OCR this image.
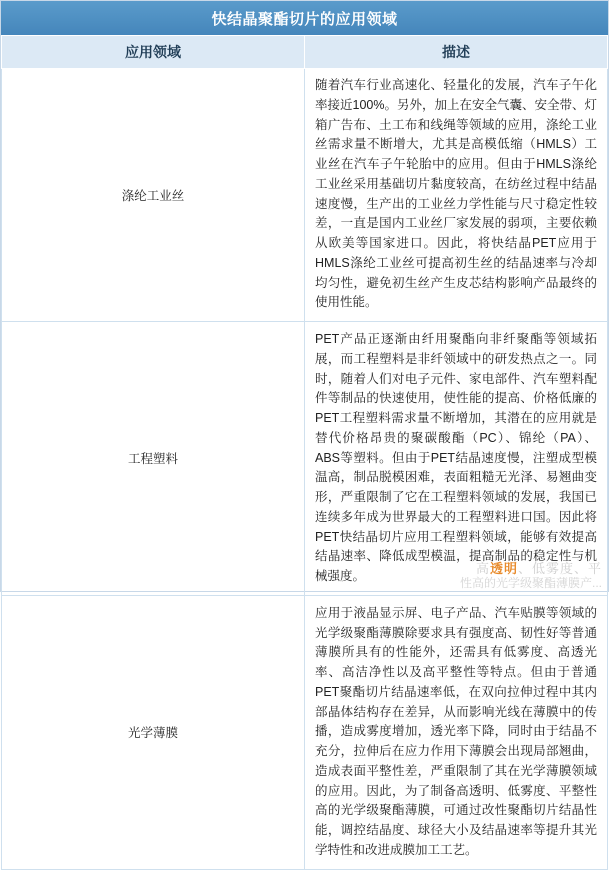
快结晶聚酯切片的应用领域
应用领域	描述
涤纶工业丝	随着汽车行业高速化、轻量化的发展，汽车子午化率接近100%。另外，加上在安全气囊、安全带、灯箱广告布、土工布和线绳等领域的应用，涤纶工业丝需求量不断增大，尤其是高模低缩（HMLS）工业丝在汽车子午轮胎中的应用。但由于HMLS涤纶工业丝采用基础切片黏度较高，在纺丝过程中结晶速度慢，生产出的工业丝力学性能与尺寸稳定性较差，一直是国内工业丝厂家发展的弱项，主要依赖从欧美等国家进口。因此，将快结晶PET应用于HMLS涤纶工业丝可提高初生丝的结晶速率与冷却均匀性，避免初生丝产生皮芯结构影响产品最终的使用性能。

工程塑料	PET产品正逐渐由纤用聚酯向非纤聚酯等领域拓展，而工程塑料是非纤领域中的研发热点之一。同时，随着人们对电子元件、家电部件、汽车塑料配件等制品的快速使用，使性能的提高、价格低廉的PET工程塑料需求量不断增加，其潜在的应用就是替代价格昂贵的聚碳酸酯（PC）、锦纶（PA）、ABS等塑料。但由于PET结晶速度慢，注塑成型模温高，制品脱模困难，表面粗糙无光泽、易翘曲变形，严重限制了它在工程塑料领域的发展，我国已连续多年成为世界最大的工程塑料进口国。因此将PET快结晶切片应用工程塑料领域，能够有效提高结晶速率、降低成型模温，提高制品的稳定性与机械强度。

光学薄膜	应用于液晶显示屏、电子产品、汽车贴膜等领域的光学级聚酯薄膜除要求具有强度高、韧性好等普通薄膜所具有的性能外，还需具有低雾度、高透光率、高洁净性以及高平整性等特点。但由于普通PET聚酯切片结晶速率低，在双向拉伸过程中其内部晶体结构存在差异，从而影响光线在薄膜中的传播，造成雾度增加，透光率下降，同时由于结晶不充分，拉伸后在应力作用下薄膜会出现局部翘曲，造成表面平整性差，严重限制了其在光学薄膜领域的应用。因此，为了制备高透明、低雾度、平整性高的光学级聚酯薄膜，可通过改性聚酯切片结晶性能，调控结晶度、球径大小及结晶速率等提升其光学特性和改进成膜加工工艺。

高透明、低雾度、平
性高的光学级聚酯薄膜产...
